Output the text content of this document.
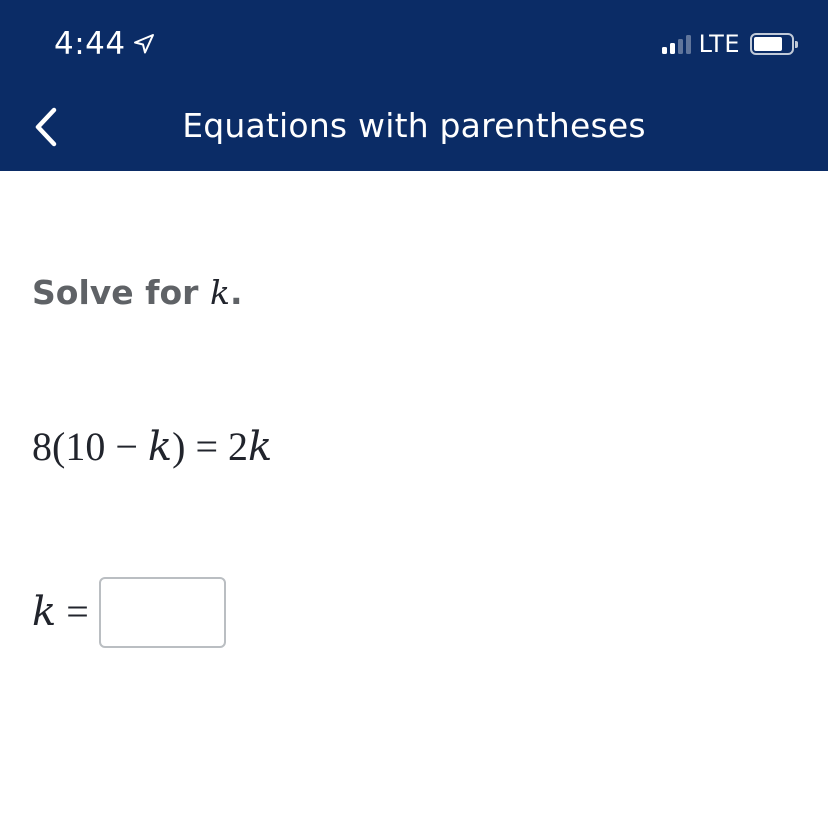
4:44	LTE
Equations with parentheses
Solve for k.
8(10 − k) = 2k
k =
